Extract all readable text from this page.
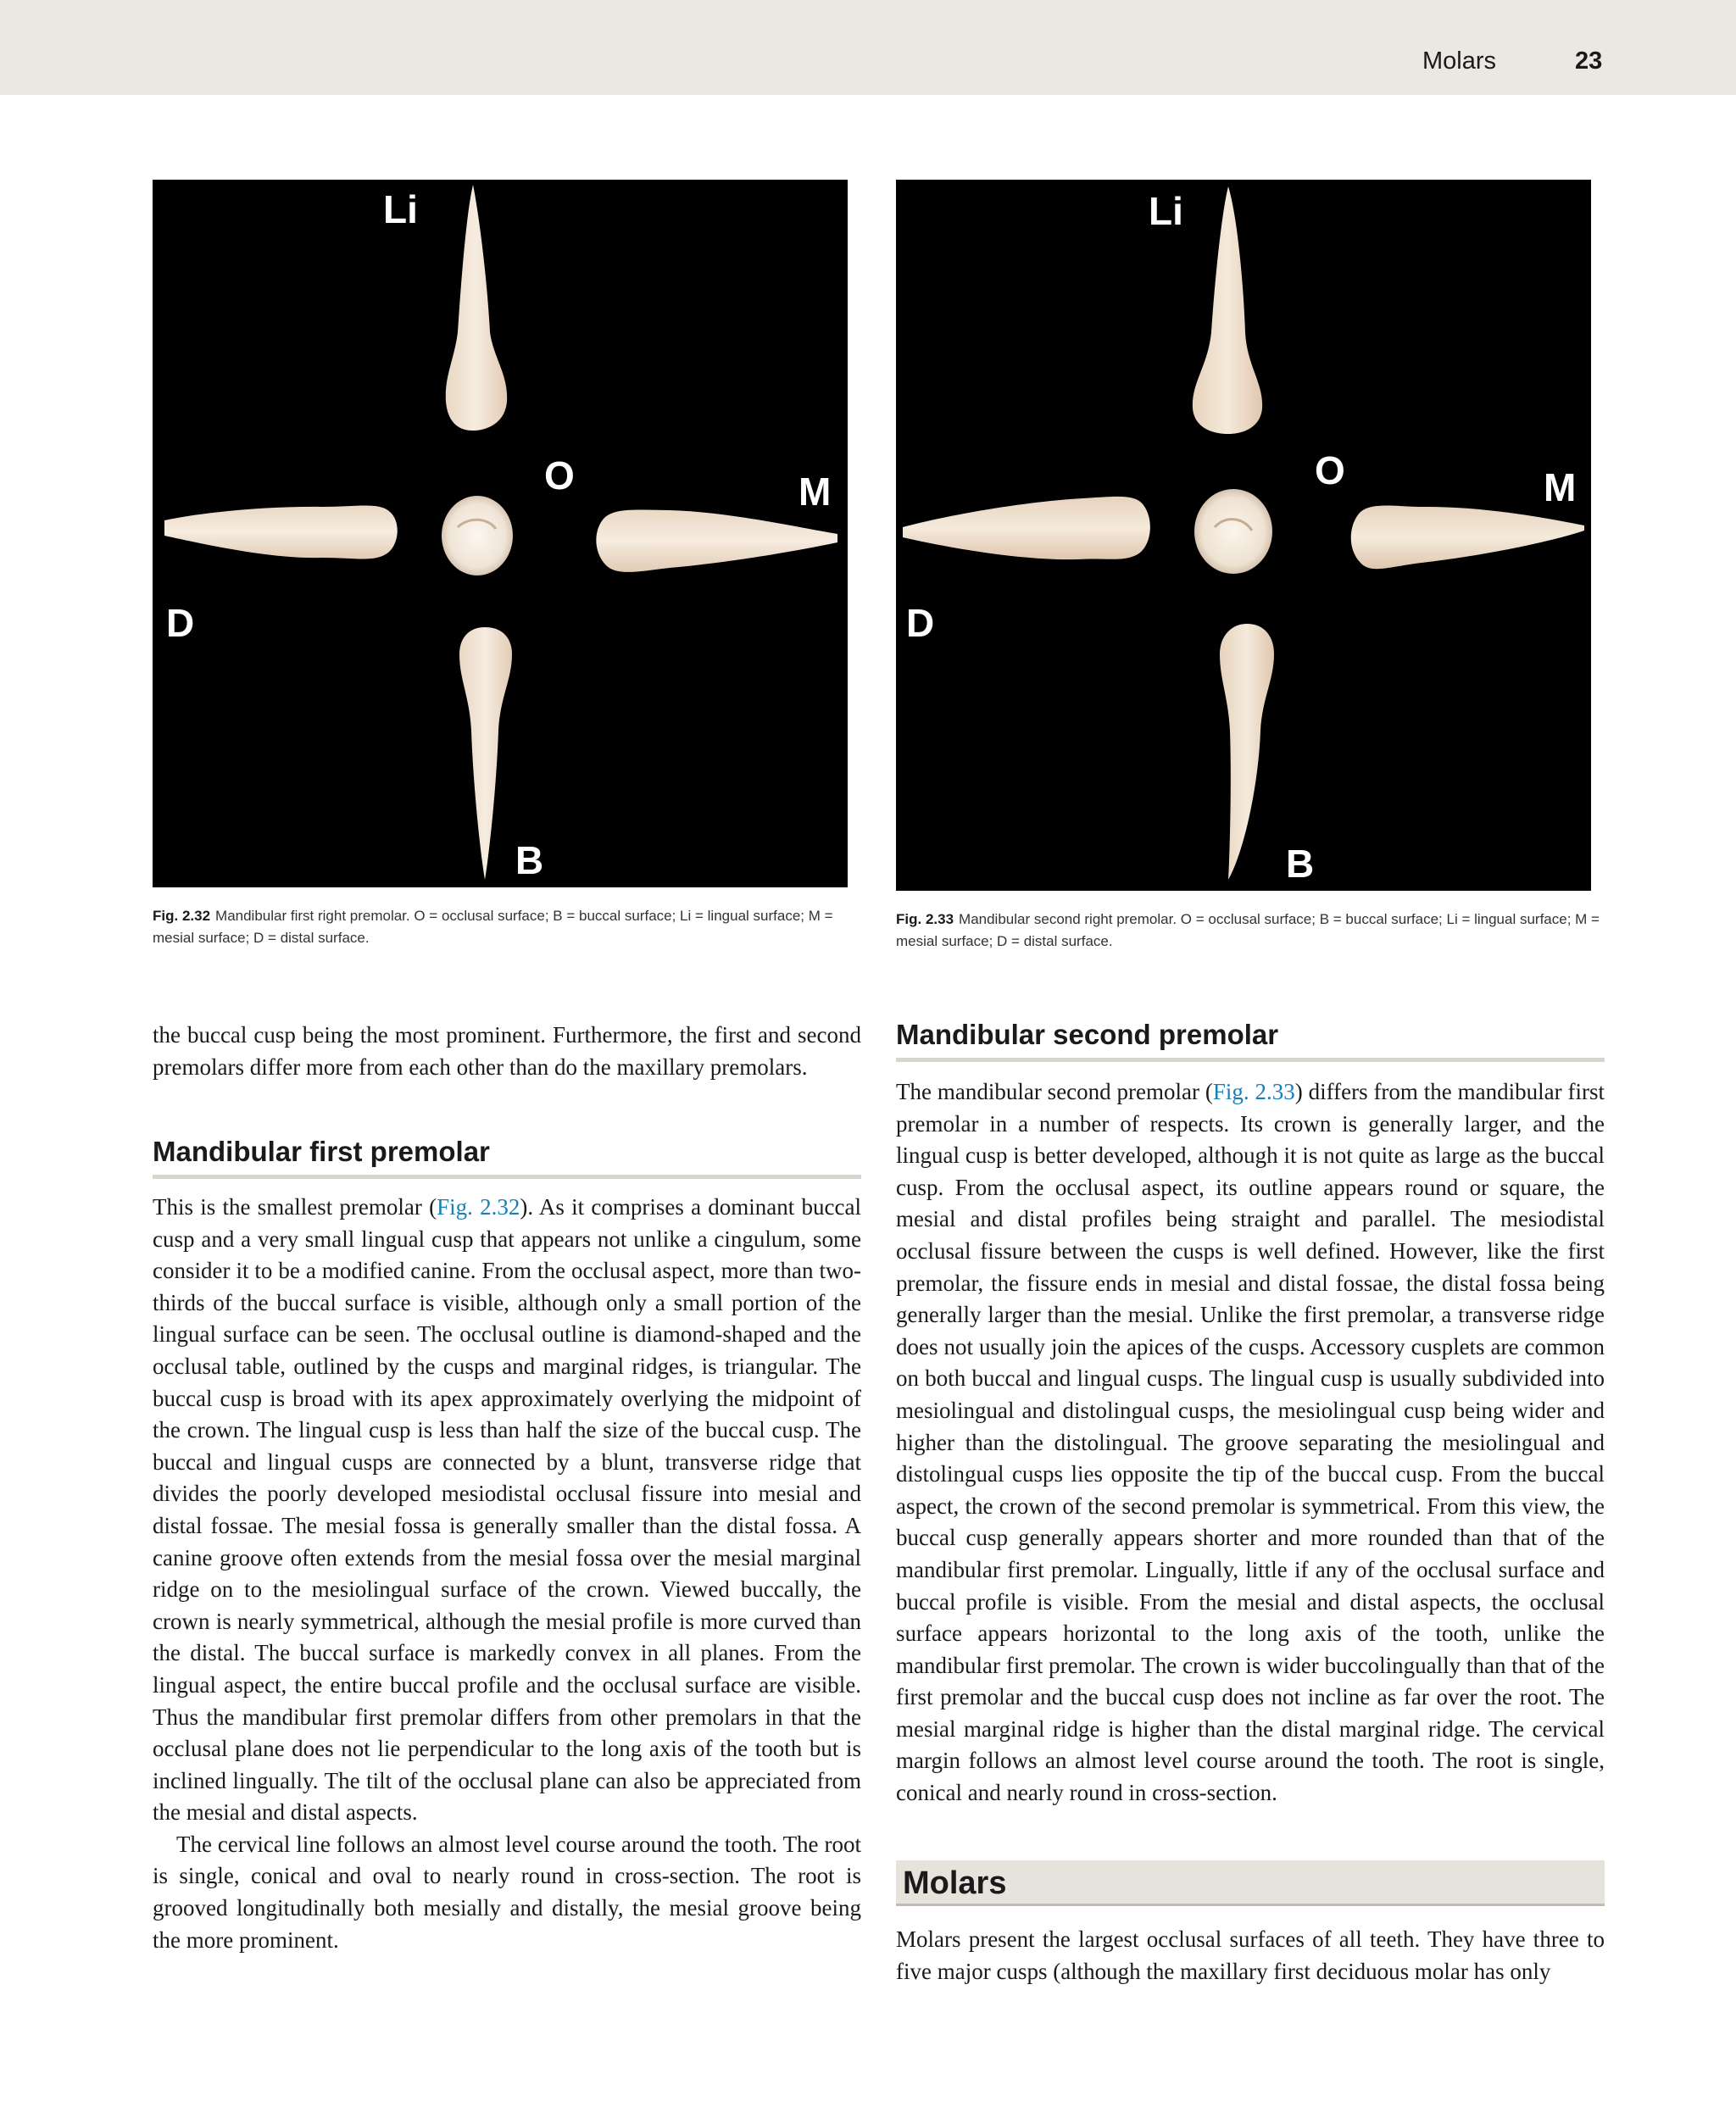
Molars	23
Li
O	M
D
B
Fig. 2.32 Mandibular first right premolar. O = occlusal surface; B = buccal surface; Li = lingual surface; M = mesial surface; D = distal surface.
Li
O	M
D
B
Fig. 2.33 Mandibular second right premolar. O = occlusal surface; B = buccal surface; Li = lingual surface; M = mesial surface; D = distal surface.

the buccal cusp being the most prominent. Furthermore, the first and second premolars differ more from each other than do the maxillary premolars.

Mandibular first premolar

This is the smallest premolar (Fig. 2.32). As it comprises a dominant buccal cusp and a very small lingual cusp that appears not unlike a cingulum, some consider it to be a modified canine. From the occlusal aspect, more than two-thirds of the buccal surface is visible, although only a small portion of the lingual surface can be seen. The occlusal outline is diamond-shaped and the occlusal table, outlined by the cusps and marginal ridges, is triangular. The buccal cusp is broad with its apex approximately overlying the midpoint of the crown. The lingual cusp is less than half the size of the buccal cusp. The buccal and lingual cusps are connected by a blunt, transverse ridge that divides the poorly developed mesiodistal occlusal fissure into mesial and distal fossae. The mesial fossa is generally smaller than the distal fossa. A canine groove often extends from the mesial fossa over the mesial marginal ridge on to the mesiolingual surface of the crown. Viewed buccally, the crown is nearly symmetrical, although the mesial profile is more curved than the distal. The buccal surface is markedly convex in all planes. From the lingual aspect, the entire buccal profile and the occlusal surface are visible. Thus the mandibular first premolar differs from other premolars in that the occlusal plane does not lie perpendicular to the long axis of the tooth but is inclined lingually. The tilt of the occlusal plane can also be appreciated from the mesial and distal aspects.

The cervical line follows an almost level course around the tooth. The root is single, conical and oval to nearly round in cross-section. The root is grooved longitudinally both mesially and distally, the mesial groove being the more prominent.

Mandibular second premolar

The mandibular second premolar (Fig. 2.33) differs from the mandibular first premolar in a number of respects. Its crown is generally larger, and the lingual cusp is better developed, although it is not quite as large as the buccal cusp. From the occlusal aspect, its outline appears round or square, the mesial and distal profiles being straight and parallel. The mesiodistal occlusal fissure between the cusps is well defined. However, like the first premolar, the fissure ends in mesial and distal fossae, the distal fossa being generally larger than the mesial. Unlike the first premolar, a transverse ridge does not usually join the apices of the cusps. Accessory cusplets are common on both buccal and lingual cusps. The lingual cusp is usually subdivided into mesiolingual and distolingual cusps, the mesiolingual cusp being wider and higher than the distolingual. The groove separating the mesiolingual and distolingual cusps lies opposite the tip of the buccal cusp. From the buccal aspect, the crown of the second premolar is symmetrical. From this view, the buccal cusp generally appears shorter and more rounded than that of the mandibular first premolar. Lingually, little if any of the occlusal surface and buccal profile is visible. From the mesial and distal aspects, the occlusal surface appears horizontal to the long axis of the tooth, unlike the mandibular first premolar. The crown is wider buccolingually than that of the first premolar and the buccal cusp does not incline as far over the root. The mesial marginal ridge is higher than the distal marginal ridge. The cervical margin follows an almost level course around the tooth. The root is single, conical and nearly round in cross-section.

Molars

Molars present the largest occlusal surfaces of all teeth. They have three to five major cusps (although the maxillary first deciduous molar has only
